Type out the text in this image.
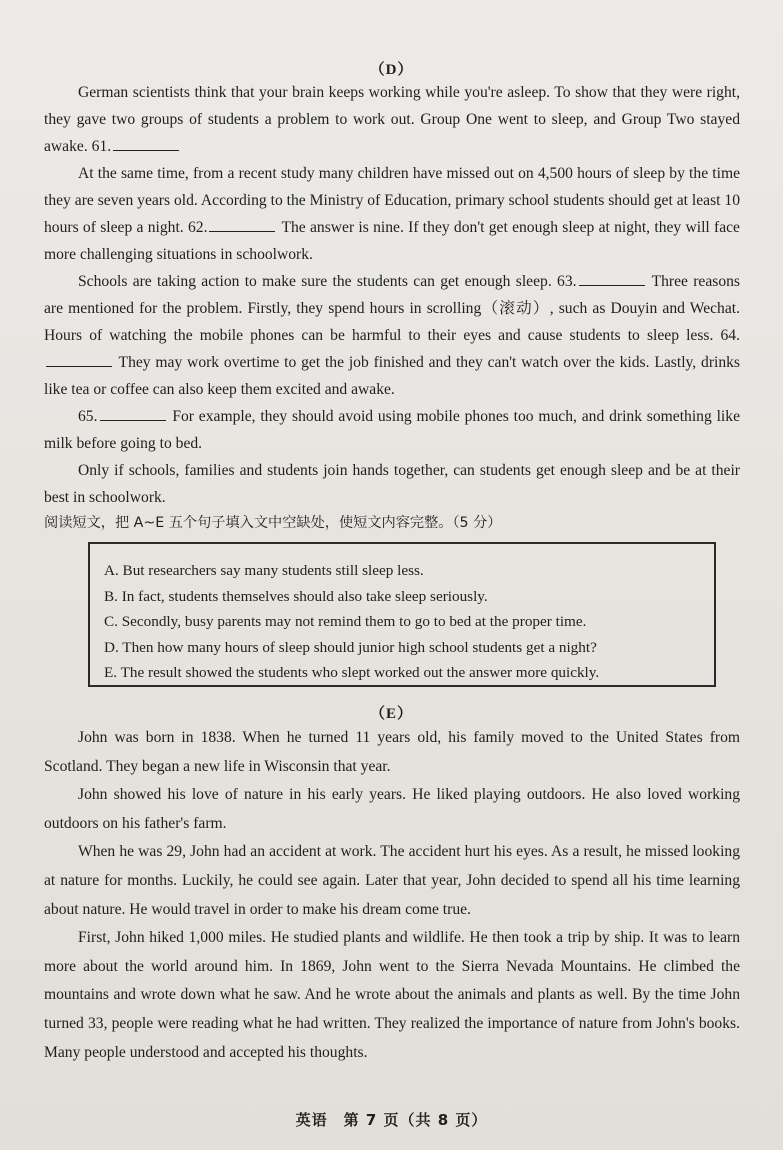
（D）

German scientists think that your brain keeps working while you're asleep. To show that they were right, they gave two groups of students a problem to work out. Group One went to sleep, and Group Two stayed awake. 61.

At the same time, from a recent study many children have missed out on 4,500 hours of sleep by the time they are seven years old. According to the Ministry of Education, primary school students should get at least 10 hours of sleep a night. 62.	The answer is nine. If they don't get enough sleep at night, they will face more challenging situations in schoolwork.

Schools are taking action to make sure the students can get enough sleep. 63.	Three reasons are mentioned for the problem. Firstly, they spend hours in scrolling（滚动）, such as Douyin and Wechat. Hours of watching the mobile phones can be harmful to their eyes and cause students to sleep less. 64. They may work overtime to get the job finished and they can't watch over the kids. Lastly, drinks like tea or coffee can also keep them excited and awake.

65.	For example, they should avoid using mobile phones too much, and drink something like milk before going to bed.

Only if schools, families and students join hands together, can students get enough sleep and be at their best in schoolwork.

阅读短文，把 A~E 五个句子填入文中空缺处，使短文内容完整。（5 分）
A. But researchers say many students still sleep less.
B. In fact, students themselves should also take sleep seriously.
C. Secondly, busy parents may not remind them to go to bed at the proper time.
D. Then how many hours of sleep should junior high school students get a night?
E. The result showed the students who slept worked out the answer more quickly.
（E）

John was born in 1838. When he turned 11 years old, his family moved to the United States from Scotland. They began a new life in Wisconsin that year.

John showed his love of nature in his early years. He liked playing outdoors. He also loved working outdoors on his father's farm.

When he was 29, John had an accident at work. The accident hurt his eyes. As a result, he missed looking at nature for months. Luckily, he could see again. Later that year, John decided to spend all his time learning about nature. He would travel in order to make his dream come true.

First, John hiked 1,000 miles. He studied plants and wildlife. He then took a trip by ship. It was to learn more about the world around him. In 1869, John went to the Sierra Nevada Mountains. He climbed the mountains and wrote down what he saw. And he wrote about the animals and plants as well. By the time John turned 33, people were reading what he had written. They realized the importance of nature from John's books. Many people understood and accepted his thoughts.

英语　第 7 页（共 8 页）
